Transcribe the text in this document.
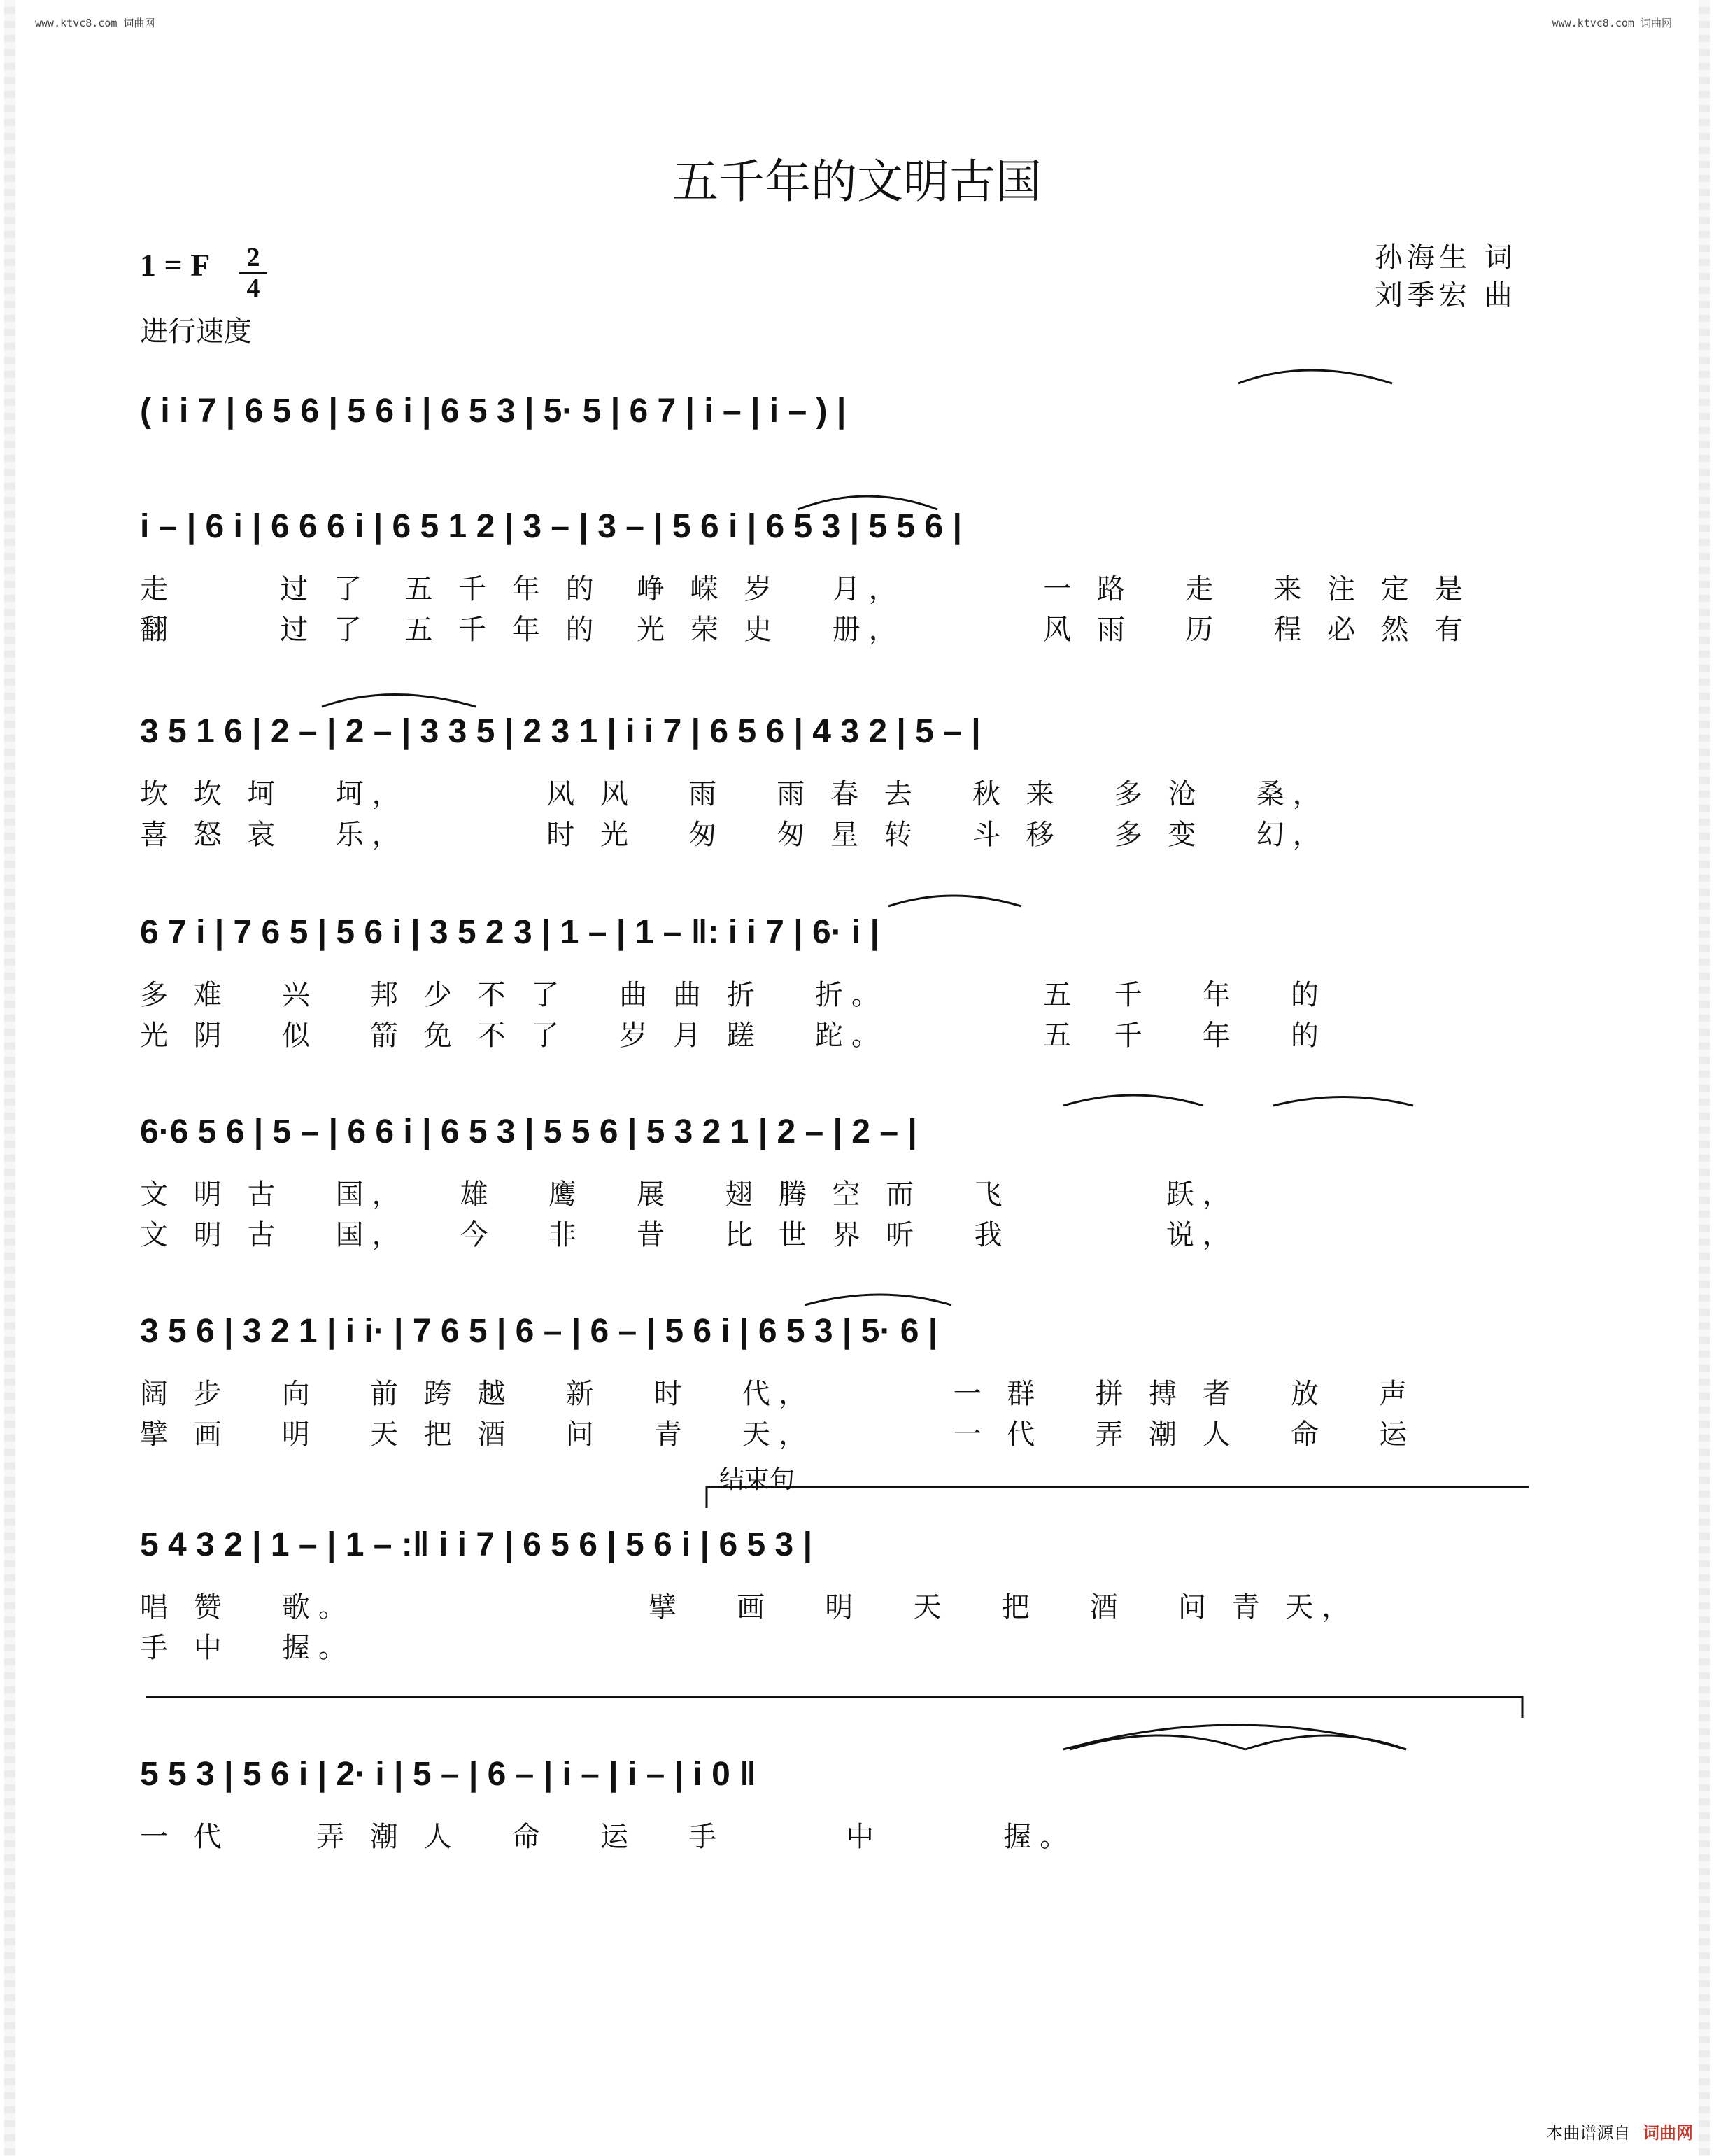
www.ktvc8.com 词曲网	www.ktvc8.com 词曲网
五千年的文明古国
1 = F 2
4
进行速度
孙海生 词
刘季宏 曲
( i i 7 | 6 5 6 | 5 6 i | 6 5 3 | 5· 5 | 6 7 | i – | i – ) |
i – | 6 i | 6 6 6 i | 6 5 1 2 | 3 – | 3 – | 5 6 i | 6 5 3 | 5 5 6 |
走      过 了  五 千 年 的  峥 嵘 岁   月，        一 路   走   来 注 定 是
翻      过 了  五 千 年 的  光 荣 史   册，        风 雨   历   程 必 然 有
3 5 1 6 | 2 – | 2 – | 3 3 5 | 2 3 1 | i i 7 | 6 5 6 | 4 3 2 | 5 – |
坎 坎 坷   坷，        风 风   雨   雨 春 去   秋 来   多 沧   桑，
喜 怒 哀   乐，        时 光   匆   匆 星 转   斗 移   多 变   幻，
6 7 i | 7 6 5 | 5 6 i | 3 5 2 3 | 1 – | 1 – ‖: i i 7 | 6· i |
多 难   兴   邦 少 不 了   曲 曲 折   折。         五  千   年   的
光 阴   似   箭 免 不 了   岁 月 蹉   跎。         五  千   年   的
6·6 5 6 | 5 – | 6 6 i | 6 5 3 | 5 5 6 | 5 3 2 1 | 2 – | 2 – |
文 明 古   国，   雄   鹰   展   翅 腾 空 而   飞         跃，
文 明 古   国，   今   非   昔   比 世 界 听   我         说，
3 5 6 | 3 2 1 | i i· | 7 6 5 | 6 – | 6 – | 5 6 i | 6 5 3 | 5· 6 |
阔 步   向   前 跨 越   新   时   代，        一 群   拼 搏 者   放   声
擘 画   明   天 把 酒   问   青   天，        一 代   弄 潮 人   命   运
结束句
5 4 3 2 | 1 – | 1 – :‖ i i 7 | 6 5 6 | 5 6 i | 6 5 3 |
唱 赞   歌。                 擘   画   明   天   把   酒   问 青 天，
手 中   握。
5 5 3 | 5 6 i | 2· i | 5 – | 6 – | i – | i – | i 0 ‖
一 代     弄 潮 人   命   运   手       中       握。
本曲谱源自 词曲网
